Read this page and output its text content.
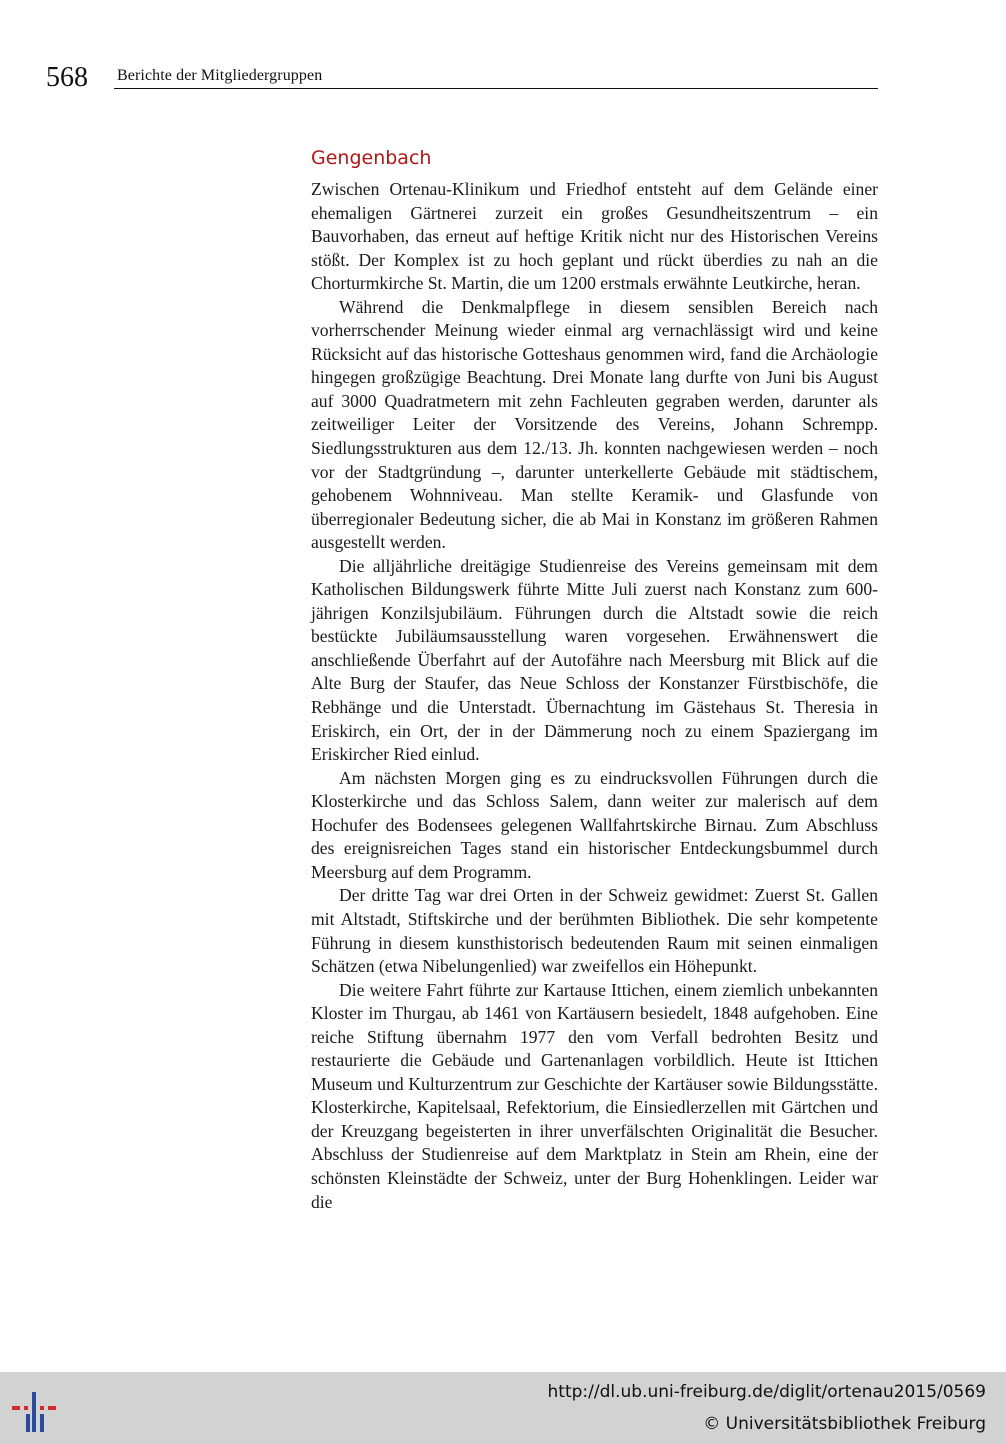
568 Berichte der Mitgliedergruppen
Gengenbach

Zwischen Ortenau-Klinikum und Friedhof entsteht auf dem Gelände einer ehemaligen Gärtnerei zurzeit ein großes Gesundheitszentrum – ein Bauvorhaben, das erneut auf heftige Kritik nicht nur des Historischen Vereins stößt. Der Komplex ist zu hoch geplant und rückt überdies zu nah an die Chorturmkirche St. Martin, die um 1200 erstmals erwähnte Leutkirche, heran.

Während die Denkmalpflege in diesem sensiblen Bereich nach vorherrschender Meinung wieder einmal arg vernachlässigt wird und keine Rücksicht auf das historische Gotteshaus genommen wird, fand die Archäologie hingegen großzügige Beachtung. Drei Monate lang durfte von Juni bis August auf 3000 Quadratmetern mit zehn Fachleuten gegraben werden, darunter als zeitweiliger Leiter der Vorsitzende des Vereins, Johann Schrempp. Siedlungsstrukturen aus dem 12./13. Jh. konnten nachgewiesen werden – noch vor der Stadtgründung –, darunter unterkellerte Gebäude mit städtischem, gehobenem Wohnniveau. Man stellte Keramik- und Glasfunde von überregionaler Bedeutung sicher, die ab Mai in Konstanz im größeren Rahmen ausgestellt werden.

Die alljährliche dreitägige Studienreise des Vereins gemeinsam mit dem Katholischen Bildungswerk führte Mitte Juli zuerst nach Konstanz zum 600-jährigen Konzilsjubiläum. Führungen durch die Altstadt sowie die reich bestückte Jubiläumsausstellung waren vorgesehen. Erwähnenswert die anschließende Überfahrt auf der Autofähre nach Meersburg mit Blick auf die Alte Burg der Staufer, das Neue Schloss der Konstanzer Fürstbischöfe, die Rebhänge und die Unterstadt. Übernachtung im Gästehaus St. Theresia in Eriskirch, ein Ort, der in der Dämmerung noch zu einem Spaziergang im Eriskircher Ried einlud.

Am nächsten Morgen ging es zu eindrucksvollen Führungen durch die Klosterkirche und das Schloss Salem, dann weiter zur malerisch auf dem Hochufer des Bodensees gelegenen Wallfahrtskirche Birnau. Zum Abschluss des ereignisreichen Tages stand ein historischer Entdeckungsbummel durch Meersburg auf dem Programm.

Der dritte Tag war drei Orten in der Schweiz gewidmet: Zuerst St. Gallen mit Altstadt, Stiftskirche und der berühmten Bibliothek. Die sehr kompetente Führung in diesem kunsthistorisch bedeutenden Raum mit seinen einmaligen Schätzen (etwa Nibelungenlied) war zweifellos ein Höhepunkt.

Die weitere Fahrt führte zur Kartause Ittichen, einem ziemlich unbekannten Kloster im Thurgau, ab 1461 von Kartäusern besiedelt, 1848 aufgehoben. Eine reiche Stiftung übernahm 1977 den vom Verfall bedrohten Besitz und restaurierte die Gebäude und Gartenanlagen vorbildlich. Heute ist Ittichen Museum und Kulturzentrum zur Geschichte der Kartäuser sowie Bildungsstätte. Klosterkirche, Kapitelsaal, Refektorium, die Einsiedlerzellen mit Gärtchen und der Kreuzgang begeisterten in ihrer unverfälschten Originalität die Besucher. Abschluss der Studienreise auf dem Marktplatz in Stein am Rhein, eine der schönsten Kleinstädte der Schweiz, unter der Burg Hohenklingen. Leider war die

http://dl.ub.uni-freiburg.de/diglit/ortenau2015/0569
© Universitätsbibliothek Freiburg
